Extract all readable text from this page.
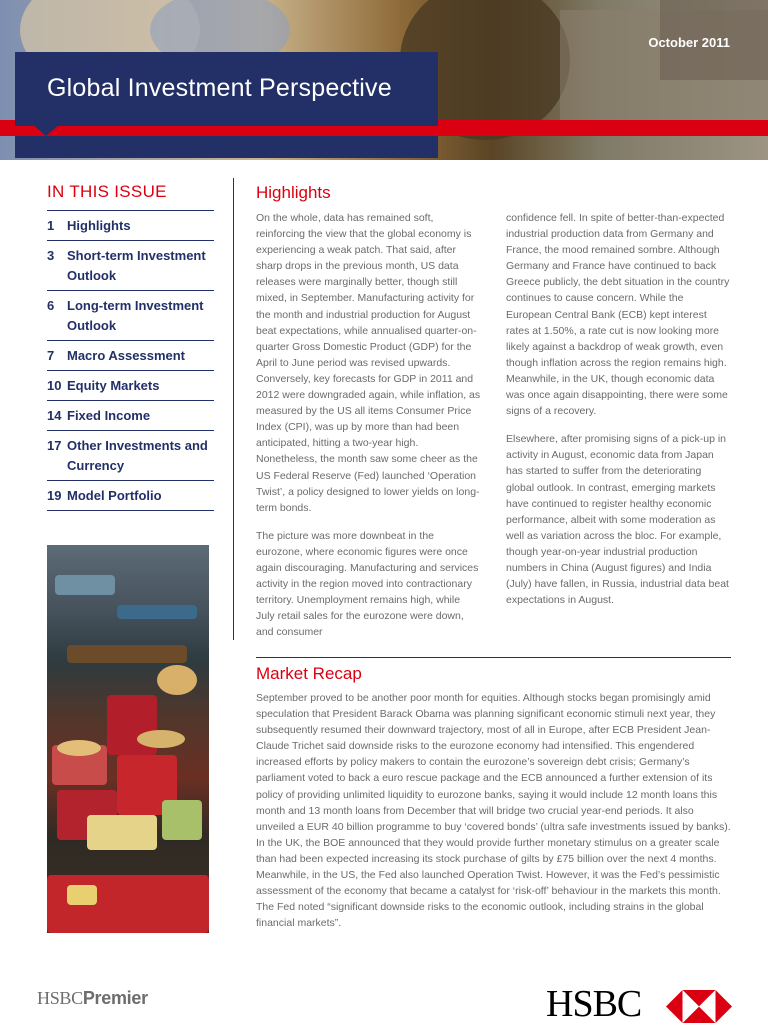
October 2011
Global Investment Perspective
IN THIS ISSUE
1 Highlights
3 Short-term Investment Outlook
6 Long-term Investment Outlook
7 Macro Assessment
10 Equity Markets
14 Fixed Income
17 Other Investments and Currency
19 Model Portfolio
Highlights

On the whole, data has remained soft, reinforcing the view that the global economy is experiencing a weak patch. That said, after sharp drops in the previous month, US data releases were marginally better, though still mixed, in September. Manufacturing activity for the month and industrial production for August beat expectations, while annualised quarter-on-quarter Gross Domestic Product (GDP) for the April to June period was revised upwards. Conversely, key forecasts for GDP in 2011 and 2012 were downgraded again, while inflation, as measured by the US all items Consumer Price Index (CPI), was up by more than had been anticipated, hitting a two-year high. Nonetheless, the month saw some cheer as the US Federal Reserve (Fed) launched ‘Operation Twist’, a policy designed to lower yields on long-term bonds.

The picture was more downbeat in the eurozone, where economic figures were once again discouraging. Manufacturing and services activity in the region moved into contractionary territory. Unemployment remains high, while July retail sales for the eurozone were down, and consumer

confidence fell. In spite of better-than-expected industrial production data from Germany and France, the mood remained sombre. Although Germany and France have continued to back Greece publicly, the debt situation in the country continues to cause concern. While the European Central Bank (ECB) kept interest rates at 1.50%, a rate cut is now looking more likely against a backdrop of weak growth, even though inflation across the region remains high. Meanwhile, in the UK, though economic data was once again disappointing, there were some signs of a recovery.

Elsewhere, after promising signs of a pick-up in activity in August, economic data from Japan has started to suffer from the deteriorating global outlook. In contrast, emerging markets have continued to register healthy economic performance, albeit with some moderation as well as variation across the bloc. For example, though year-on-year industrial production numbers in China (August figures) and India (July) have fallen, in Russia, industrial data beat expectations in August.

Market Recap

September proved to be another poor month for equities. Although stocks began promisingly amid speculation that President Barack Obama was planning significant economic stimuli next year, they subsequently resumed their downward trajectory, most of all in Europe, after ECB President Jean-Claude Trichet said downside risks to the eurozone economy had intensified. This engendered increased efforts by policy makers to contain the eurozone’s sovereign debt crisis; Germany’s parliament voted to back a euro rescue package and the ECB announced a further extension of its policy of providing unlimited liquidity to eurozone banks, saying it would include 12 month loans this month and 13 month loans from December that will bridge two crucial year-end periods. It also unveiled a EUR 40 billion programme to buy ‘covered bonds’ (ultra safe investments issued by banks). In the UK, the BOE announced that they would provide further monetary stimulus on a greater scale than had been expected increasing its stock purchase of gilts by £75 billion over the next 4 months. Meanwhile, in the US, the Fed also launched Operation Twist. However, it was the Fed’s pessimistic assessment of the economy that became a catalyst for ‘risk-off’ behaviour in the markets this month. The Fed noted “significant downside risks to the economic outlook, including strains in the global financial markets”.

HSBCPremier	HSBC
